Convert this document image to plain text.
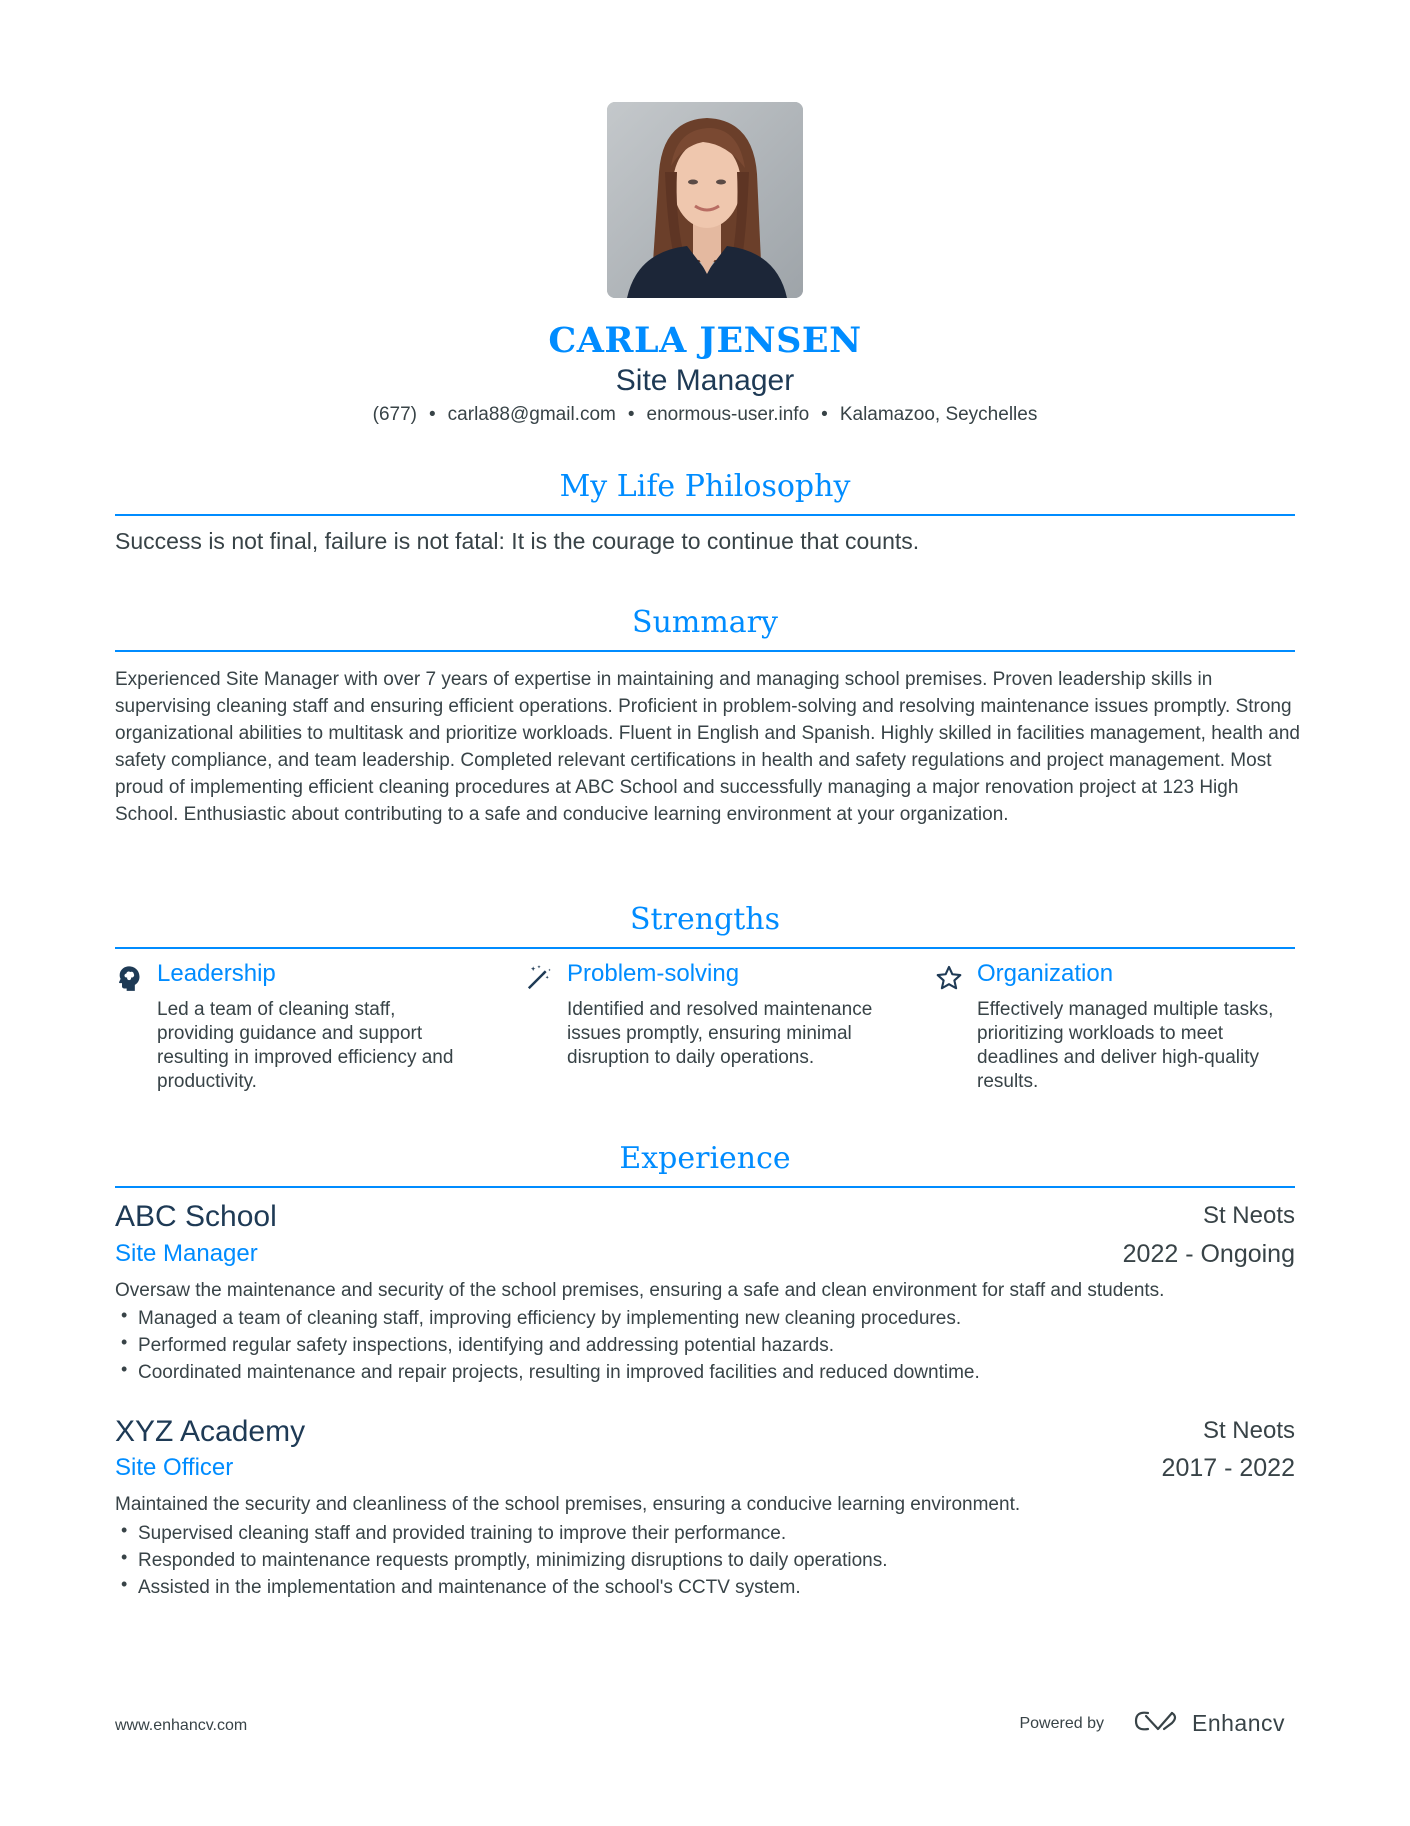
CARLA JENSEN
Site Manager
(677) • carla88@gmail.com • enormous-user.info • Kalamazoo, Seychelles
My Life Philosophy
Success is not final, failure is not fatal: It is the courage to continue that counts.
Summary
Experienced Site Manager with over 7 years of expertise in maintaining and managing school premises. Proven leadership skills in supervising cleaning staff and ensuring efficient operations. Proficient in problem-solving and resolving maintenance issues promptly. Strong organizational abilities to multitask and prioritize workloads. Fluent in English and Spanish. Highly skilled in facilities management, health and safety compliance, and team leadership. Completed relevant certifications in health and safety regulations and project management. Most proud of implementing efficient cleaning procedures at ABC School and successfully managing a major renovation project at 123 High School. Enthusiastic about contributing to a safe and conducive learning environment at your organization.
Strengths
Leadership
Led a team of cleaning staff, providing guidance and support resulting in improved efficiency and productivity.
Problem-solving
Identified and resolved maintenance issues promptly, ensuring minimal disruption to daily operations.
Organization
Effectively managed multiple tasks, prioritizing workloads to meet deadlines and deliver high-quality results.
Experience
ABC School	St Neots
Site Manager	2022 - Ongoing
Oversaw the maintenance and security of the school premises, ensuring a safe and clean environment for staff and students.
• Managed a team of cleaning staff, improving efficiency by implementing new cleaning procedures.
• Performed regular safety inspections, identifying and addressing potential hazards.
• Coordinated maintenance and repair projects, resulting in improved facilities and reduced downtime.
XYZ Academy	St Neots
Site Officer	2017 - 2022
Maintained the security and cleanliness of the school premises, ensuring a conducive learning environment.
• Supervised cleaning staff and provided training to improve their performance.
• Responded to maintenance requests promptly, minimizing disruptions to daily operations.
• Assisted in the implementation and maintenance of the school's CCTV system.
www.enhancv.com	Powered by	Enhancv
